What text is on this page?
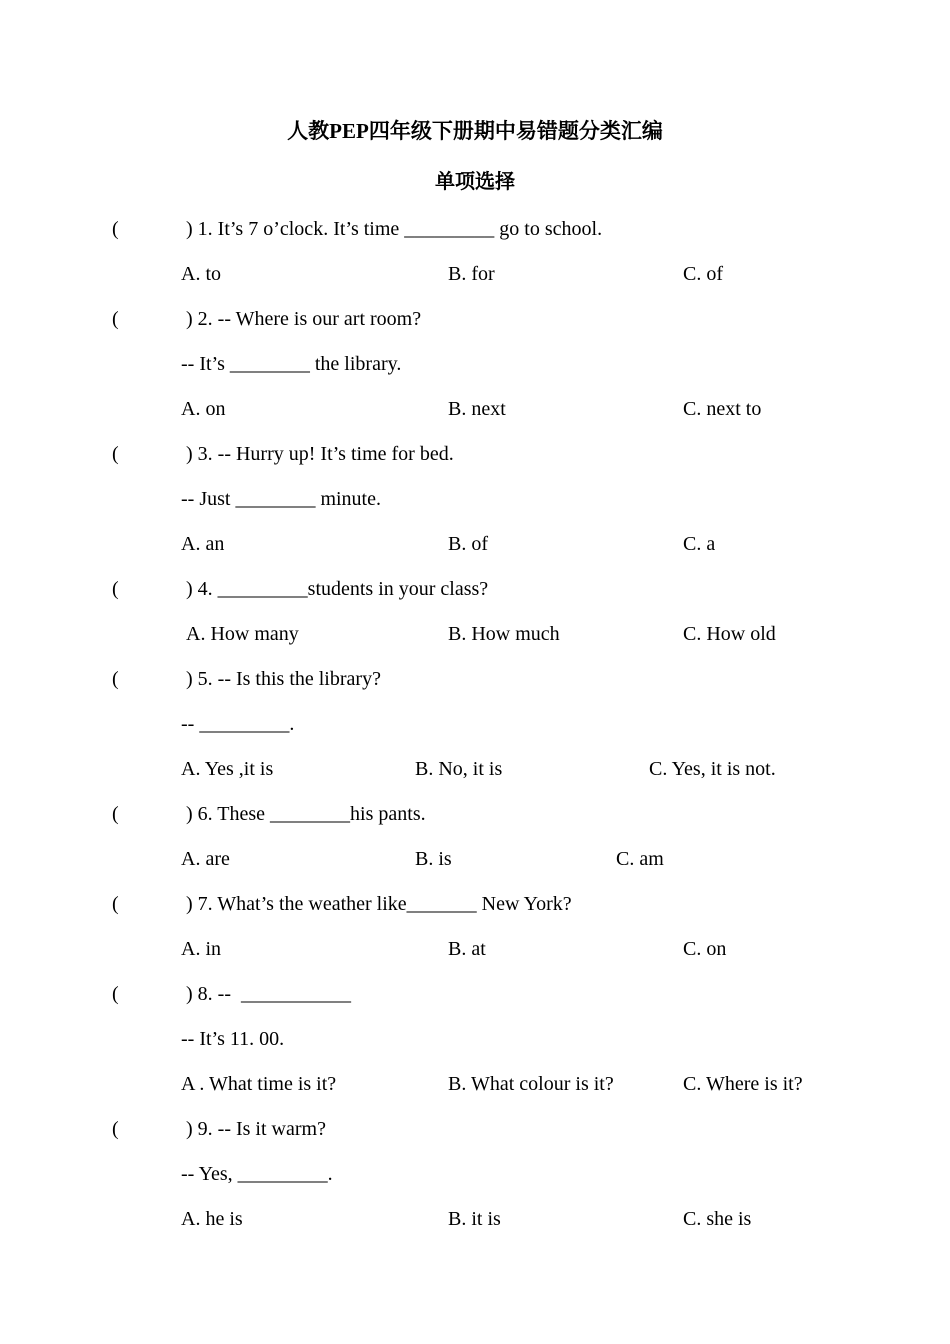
人教PEP四年级下册期中易错题分类汇编
单项选择
(	) 1. It’s 7 o’clock. It’s time _________ go to school.
A. to	B. for	C. of
(	) 2. -- Where is our art room?
-- It’s ________ the library.
A. on	B. next	C. next to
(	) 3. -- Hurry up! It’s time for bed.
-- Just ________ minute.
A. an	B. of	C. a
(	) 4. _________students in your class?
A. How many	B. How much	C. How old
(	) 5. -- Is this the library?
-- _________.
A. Yes ,it is	B. No, it is	C. Yes, it is not.
(	) 6. These ________his pants.
A. are	B. is	C. am
(	) 7. What’s the weather like_______ New York?
A. in	B. at	C. on
(	) 8. --  ___________
-- It’s 11. 00.
A . What time is it?	B. What colour is it?	C. Where is it?
(	) 9. -- Is it warm?
-- Yes, _________.
A. he is	B. it is	C. she is
